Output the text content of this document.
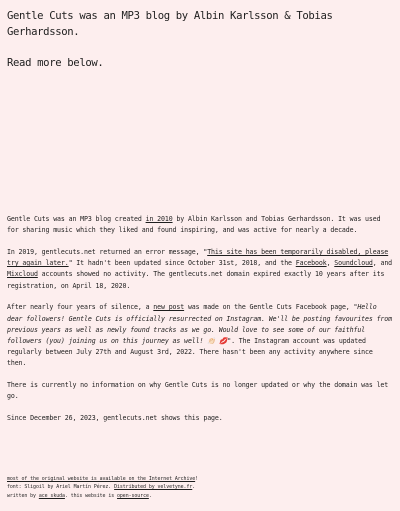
Gentle Cuts was an MP3 blog by Albin Karlsson & Tobias Gerhardsson.

Read more below.

Gentle Cuts was an MP3 blog created in 2010 by Albin Karlsson and Tobias Gerhardsson. It was used for sharing music which they liked and found inspiring, and was active for nearly a decade.

In 2019, gentlecuts.net returned an error message, "This site has been temporarily disabled, please try again later." It hadn't been updated since October 31st, 2018, and the Facebook, Soundcloud, and Mixcloud accounts showed no activity. The gentlecuts.net domain expired exactly 10 years after its registration, on April 18, 2020.

After nearly four years of silence, a new post was made on the Gentle Cuts Facebook page, "Hello dear followers! Gentle Cuts is officially resurrected on Instagram. We'll be posting favourites from previous years as well as newly found tracks as we go. Would love to see some of our faithful followers (you) joining us on this journey as well! 👏🏻 💋". The Instagram account was updated regularly between July 27th and August 3rd, 2022. There hasn't been any activity anywhere since then.

There is currently no information on why Gentle Cuts is no longer updated or why the domain was let go.

Since December 26, 2023, gentlecuts.net shows this page.

most of the original website is available on the Internet Archive!

font: Sligoil by Ariel Martín Pérez. Distributed by velvetyne.fr.

written by ace skuda. this website is open-source.
